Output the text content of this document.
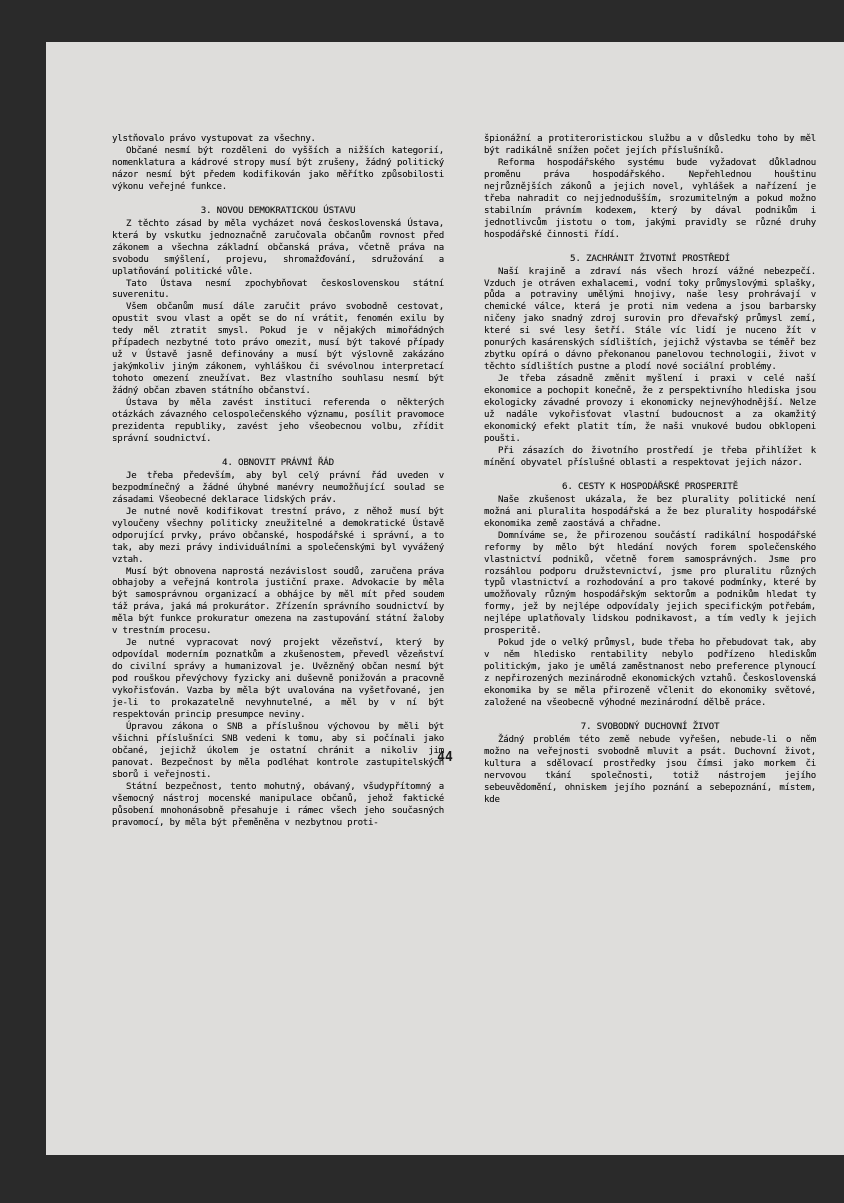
ylstňovalo právo vystupovat za všechny.

Občané nesmí být rozděleni do vyšších a nižších kategorií, nomenklatura a kádrové stropy musí být zrušeny, žádný politický názor nesmí být předem kodifikován jako měřítko způsobilosti výkonu veřejné funkce.

3. NOVOU DEMOKRATICKOU ÚSTAVU

Z těchto zásad by měla vycházet nová československá Ústava, která by vskutku jednoznačně zaručovala občanům rovnost před zákonem a všechna základní občanská práva, včetně práva na svobodu smýšlení, projevu, shromažďování, sdružování a uplatňování politické vůle.

Tato Ústava nesmí zpochybňovat československou státní suverenitu.

Všem občanům musí dále zaručit právo svobodně cestovat, opustit svou vlast a opět se do ní vrátit, fenomén exilu by tedy měl ztratit smysl. Pokud je v nějakých mimořádných případech nezbytné toto právo omezit, musí být takové případy už v Ústavě jasně definovány a musí být výslovně zakázáno jakýmkoliv jiným zákonem, vyhláškou či svévolnou interpretací tohoto omezení zneužívat. Bez vlastního souhlasu nesmí být žádný občan zbaven státního občanství.

Ústava by měla zavést instituci referenda o některých otázkách závazného celospolečenského významu, posílit pravomoce prezidenta republiky, zavést jeho všeobecnou volbu, zřídit správní soudnictví.

4. OBNOVIT PRÁVNÍ ŘÁD

Je třeba především, aby byl celý právní řád uveden v bezpodmínečný a žádné úhybné manévry neumožňující soulad se zásadami Všeobecné deklarace lidských práv.

Je nutné nově kodifikovat trestní právo, z něhož musí být vyloučeny všechny politicky zneužitelné a demokratické Ústavě odporující prvky, právo občanské, hospodářské i správní, a to tak, aby mezi právy individuálními a společenskými byl vyvážený vztah.

Musí být obnovena naprostá nezávislost soudů, zaručena práva obhajoby a veřejná kontrola justiční praxe. Advokacie by měla být samosprávnou organizací a obhájce by měl mít před soudem táž práva, jaká má prokurátor. Zřízenín správního soudnictví by měla být funkce prokuratur omezena na zastupování státní žaloby v trestním procesu.

Je nutné vypracovat nový projekt vězeňství, který by odpovídal moderním poznatkům a zkušenostem, převedl vězeňství do civilní správy a humanizoval je. Uvězněný občan nesmí být pod rouškou převýchovy fyzicky ani duševně ponižován a pracovně vykořisťován. Vazba by měla být uvalována na vyšetřované, jen je-li to prokazatelně nevyhnutelné, a měl by v ní být respektován princip presumpce neviny.

Úpravou zákona o SNB a příslušnou výchovou by měli být všichni příslušníci SNB vedeni k tomu, aby si počínali jako občané, jejichž úkolem je ostatní chránit a nikoliv jim panovat. Bezpečnost by měla podléhat kontrole zastupitelských sborů i veřejnosti.

Státní bezpečnost, tento mohutný, obávaný, všudypřítomný a všemocný nástroj mocenské manipulace občanů, jehož faktické působení mnohonásobně přesahuje i rámec všech jeho současných pravomocí, by měla být přeměněna v nezbytnou proti-

špionážní a protiteroristickou službu a v důsledku toho by měl být radikálně snížen počet jejích příslušníků.

Reforma hospodářského systému bude vyžadovat důkladnou proměnu práva hospodářského. Nepřehlednou houštinu nejrůznějších zákonů a jejich novel, vyhlášek a nařízení je třeba nahradit co nejjednodušším, srozumitelným a pokud možno stabilním právním kodexem, který by dával podnikům i jednotlivcům jistotu o tom, jakými pravidly se různé druhy hospodářské činnosti řídí.

5. ZACHRÁNIT ŽIVOTNÍ PROSTŘEDÍ

Naší krajině a zdraví nás všech hrozí vážné nebezpečí. Vzduch je otráven exhalacemi, vodní toky průmyslovými splašky, půda a potraviny umělými hnojivy, naše lesy prohrávají v chemické válce, která je proti nim vedena a jsou barbarsky ničeny jako snadný zdroj surovin pro dřevařský průmysl zemí, které si své lesy šetří. Stále víc lidí je nuceno žít v ponurých kasárenských sídlištích, jejichž výstavba se téměř bez zbytku opírá o dávno překonanou panelovou technologii, život v těchto sídlištích pustne a plodí nové sociální problémy.

Je třeba zásadně změnit myšlení i praxi v celé naší ekonomice a pochopit konečně, že z perspektivního hlediska jsou ekologicky závadné provozy i ekonomicky nejnevýhodnější. Nelze už nadále vykořisťovat vlastní budoucnost a za okamžitý ekonomický efekt platit tím, že naši vnukové budou obklopeni poušti.

Při zásazích do životního prostředí je třeba přihlížet k mínění obyvatel příslušné oblasti a respektovat jejich názor.

6. CESTY K HOSPODÁŘSKÉ PROSPERITĚ

Naše zkušenost ukázala, že bez plurality politické není možná ani pluralita hospodářská a že bez plurality hospodářské ekonomika země zaostává a chřadne.

Domníváme se, že přirozenou součástí radikální hospodářské reformy by mělo být hledání nových forem společenského vlastnictví podniků, včetně forem samosprávných. Jsme pro rozsáhlou podporu družstevnictví, jsme pro pluralitu různých typů vlastnictví a rozhodování a pro takové podmínky, které by umožňovaly různým hospodářským sektorům a podnikům hledat ty formy, jež by nejlépe odpovídaly jejich specifickým potřebám, nejlépe uplatňovaly lidskou podnikavost, a tím vedly k jejich prosperitě.

Pokud jde o velký průmysl, bude třeba ho přebudovat tak, aby v něm hledisko rentability nebylo podřízeno hlediskům politickým, jako je umělá zaměstnanost nebo preference plynoucí z nepřirozených mezinárodně ekonomických vztahů. Československá ekonomika by se měla přirozeně včlenit do ekonomiky světové, založené na všeobecně výhodné mezinárodní dělbě práce.

7. SVOBODNÝ DUCHOVNÍ ŽIVOT

Žádný problém této země nebude vyřešen, nebude-li o něm možno na veřejnosti svobodně mluvit a psát. Duchovní život, kultura a sdělovací prostředky jsou čímsi jako morkem či nervovou tkání společnosti, totiž nástrojem jejího sebeuvědomění, ohniskem jejího poznání a sebepoznání, místem, kde

44
